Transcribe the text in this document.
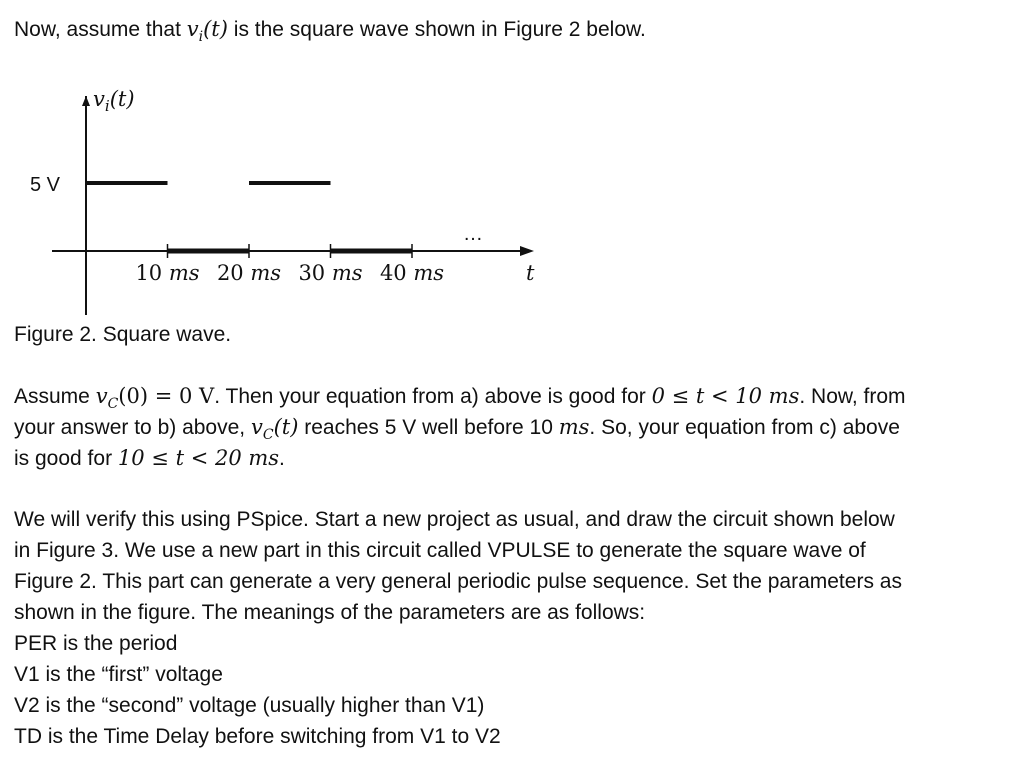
Now, assume that $v_i(t)$ is the square wave shown in Figure 2 below.
$v_i(t)$
5 V
…
t
10 ms 20 ms 30 ms 40 ms
Figure 2. Square wave.
Assume $v_C(0) = 0$ V. Then your equation from a) above is good for 0 ≤ t < 10 ms. Now, from
your answer to b) above, $v_C(t)$ reaches 5 V well before 10 ms. So, your equation from c) above
is good for 10 ≤ t < 20 ms.
We will verify this using PSpice. Start a new project as usual, and draw the circuit shown below
in Figure 3. We use a new part in this circuit called VPULSE to generate the square wave of
Figure 2. This part can generate a very general periodic pulse sequence. Set the parameters as
shown in the figure. The meanings of the parameters are as follows:
PER is the period
V1 is the “first” voltage
V2 is the “second” voltage (usually higher than V1)
TD is the Time Delay before switching from V1 to V2
